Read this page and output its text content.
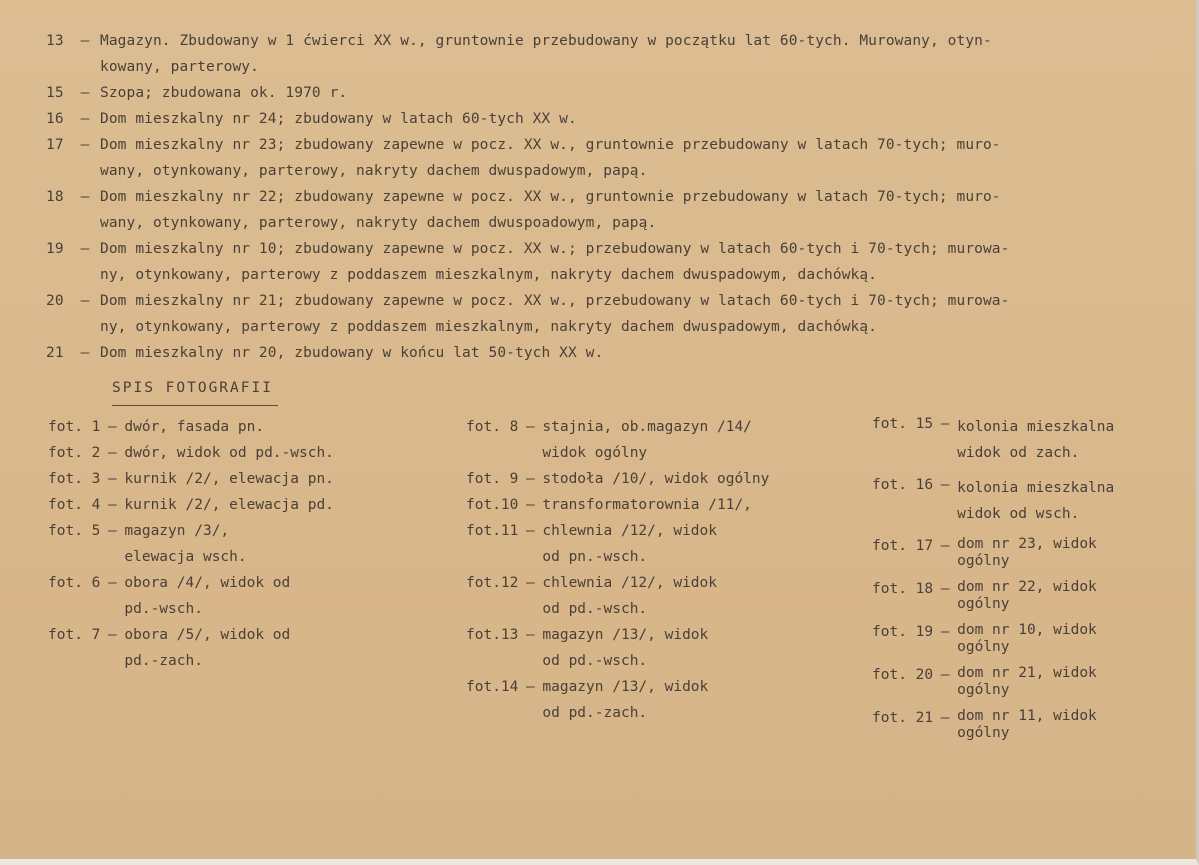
13	– Magazyn. Zbudowany w 1 ćwierci XX w., gruntownie przebudowany w początku lat 60-tych. Murowany, otyn-
kowany, parterowy.
15	– Szopa; zbudowana ok. 1970 r.
16	– Dom mieszkalny nr 24; zbudowany w latach 60-tych XX w.
17	– Dom mieszkalny nr 23; zbudowany zapewne w pocz. XX w., gruntownie przebudowany w latach 70-tych; muro-
wany, otynkowany, parterowy, nakryty dachem dwuspadowym, papą.
18	– Dom mieszkalny nr 22; zbudowany zapewne w pocz. XX w., gruntownie przebudowany w latach 70-tych; muro-
wany, otynkowany, parterowy, nakryty dachem dwuspoadowym, papą.
19	– Dom mieszkalny nr 10; zbudowany zapewne w pocz. XX w.; przebudowany w latach 60-tych i 70-tych; murowa-
ny, otynkowany, parterowy z poddaszem mieszkalnym, nakryty dachem dwuspadowym, dachówką.
20	– Dom mieszkalny nr 21; zbudowany zapewne w pocz. XX w., przebudowany w latach 60-tych i 70-tych; murowa-
ny, otynkowany, parterowy z poddaszem mieszkalnym, nakryty dachem dwuspadowym, dachówką.
21	– Dom mieszkalny nr 20, zbudowany w końcu lat 50-tych XX w.
SPIS FOTOGRAFII
fot. 1 – dwór, fasada pn.
fot. 2 – dwór, widok od pd.-wsch.
fot. 3 – kurnik /2/, elewacja pn.
fot. 4 – kurnik /2/, elewacja pd.
fot. 5 – magazyn /3/,
elewacja wsch.
fot. 6 – obora /4/, widok od
pd.-wsch.
fot. 7 – obora /5/, widok od
pd.-zach.
fot. 8 – stajnia, ob.magazyn /14/
widok ogólny
fot. 9 – stodoła /10/, widok ogólny
fot.10 – transformatorownia /11/,
fot.11 – chlewnia /12/, widok
od pn.-wsch.
fot.12 – chlewnia /12/, widok
od pd.-wsch.
fot.13 – magazyn /13/, widok
od pd.-wsch.
fot.14 – magazyn /13/, widok
od pd.-zach.
fot. 15 – kolonia mieszkalna
widok od zach.
fot. 16 – kolonia mieszkalna
widok od wsch.
fot. 17 – dom nr 23, widok
ogólny
fot. 18 – dom nr 22, widok
ogólny
fot. 19 – dom nr 10, widok
ogólny
fot. 20 – dom nr 21, widok
ogólny
fot. 21 – dom nr 11, widok
ogólny
